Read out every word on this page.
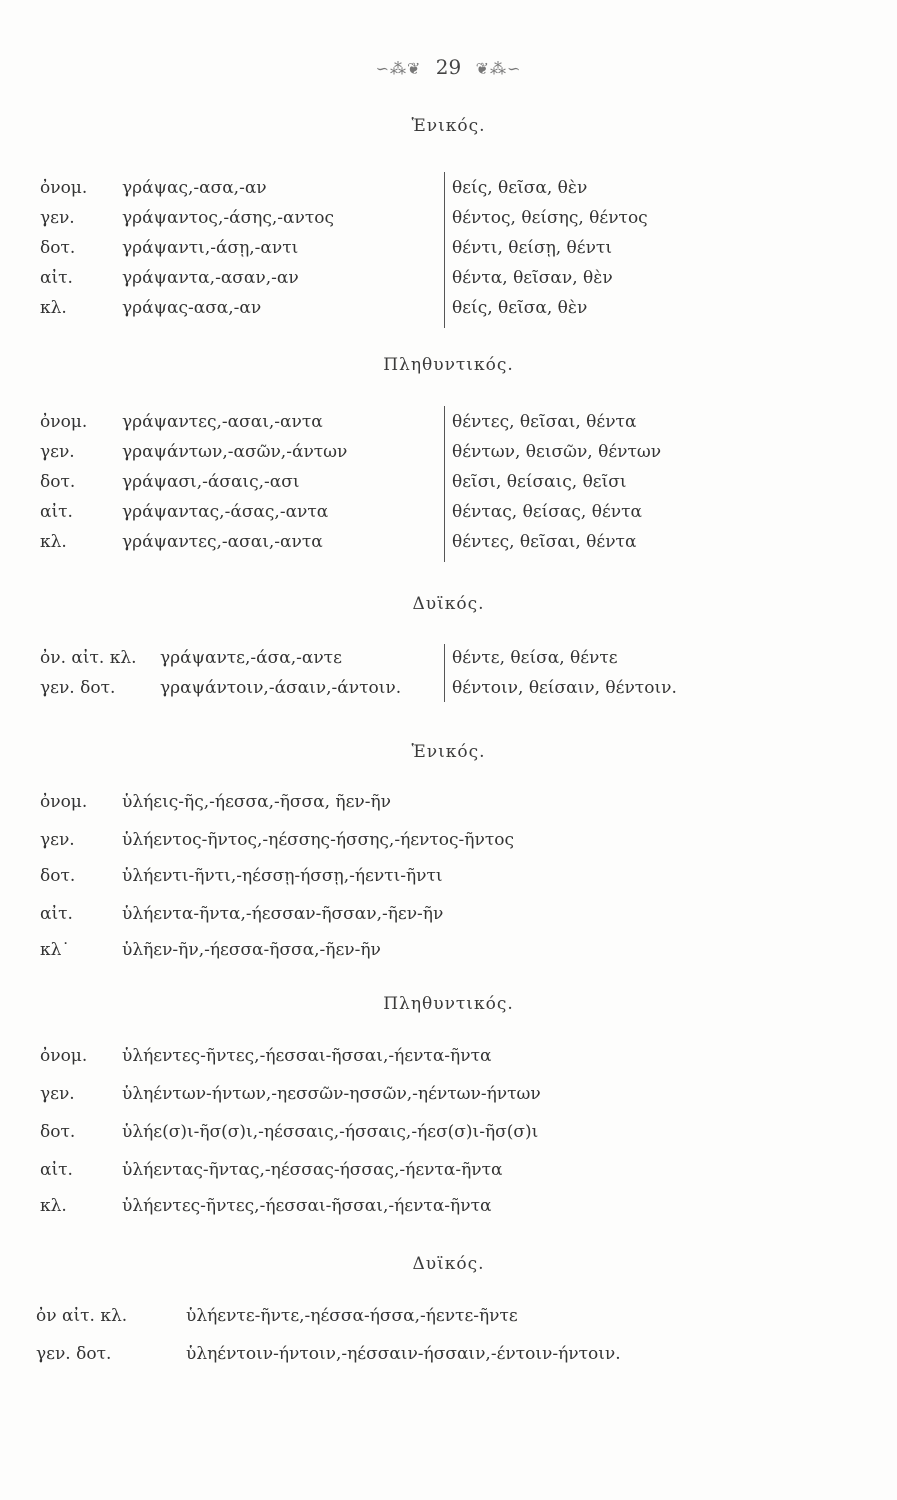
∽⁂❦ 29 ❦⁂∽
Ἑνικός.
ὀνομ. γράψας,-ασα,-αν	θείς, θεῖσα, θὲν
γεν.	γράψαντος,-άσης,-αντος	θέντος, θείσης, θέντος
δοτ.	γράψαντι,-άσῃ,-αντι	θέντι, θείσῃ, θέντι
αἰτ.	γράψαντα,-ασαν,-αν	θέντα, θεῖσαν, θὲν
κλ.	γράψας-ασα,-αν	θείς, θεῖσα, θὲν
Πληθυντικός.
ὀνομ. γράψαντες,-ασαι,-αντα	θέντες, θεῖσαι, θέντα
γεν.	γραψάντων,-ασῶν,-άντων	θέντων, θεισῶν, θέντων
δοτ.	γράψασι,-άσαις,-ασι	θεῖσι, θείσαις, θεῖσι
αἰτ.	γράψαντας,-άσας,-αντα	θέντας, θείσας, θέντα
κλ.	γράψαντες,-ασαι,-αντα	θέντες, θεῖσαι, θέντα
Δυϊκός.
ὀν. αἰτ. κλ. γράψαντε,-άσα,-αντε	θέντε, θείσα, θέντε
γεν. δοτ.	γραψάντοιν,-άσαιν,-άντοιν.	θέντοιν, θείσαιν, θέντοιν.
Ἑνικός.
ὀνομ. ὑλήεις-ῆς,-ήεσσα,-ῆσσα, ῆεν-ῆν
γεν.	ὑλήεντος-ῆντος,-ηέσσης-ήσσης,-ήεντος-ῆντος
δοτ.	ὑλήεντι-ῆντι,-ηέσσῃ-ήσσῃ,-ήεντι-ῆντι
αἰτ.	ὑλήεντα-ῆντα,-ήεσσαν-ῆσσαν,-ῆεν-ῆν
κλ˙	ὑλῆεν-ῆν,-ήεσσα-ῆσσα,-ῆεν-ῆν
Πληθυντικός.
ὀνομ. ὑλήεντες-ῆντες,-ήεσσαι-ῆσσαι,-ήεντα-ῆντα
γεν.	ὑληέντων-ήντων,-ηεσσῶν-ησσῶν,-ηέντων-ήντων
δοτ.	ὑλήε(σ)ι-ῆσ(σ)ι,-ηέσσαις,-ήσσαις,-ήεσ(σ)ι-ῆσ(σ)ι
αἰτ.	ὑλήεντας-ῆντας,-ηέσσας-ήσσας,-ήεντα-ῆντα
κλ.	ὑλήεντες-ῆντες,-ήεσσαι-ῆσσαι,-ήεντα-ῆντα
Δυϊκός.
ὀν αἰτ. κλ.	ὑλήεντε-ῆντε,-ηέσσα-ήσσα,-ήεντε-ῆντε
γεν. δοτ.	ὑληέντοιν-ήντοιν,-ηέσσαιν-ήσσαιν,-έντοιν-ήντοιν.
